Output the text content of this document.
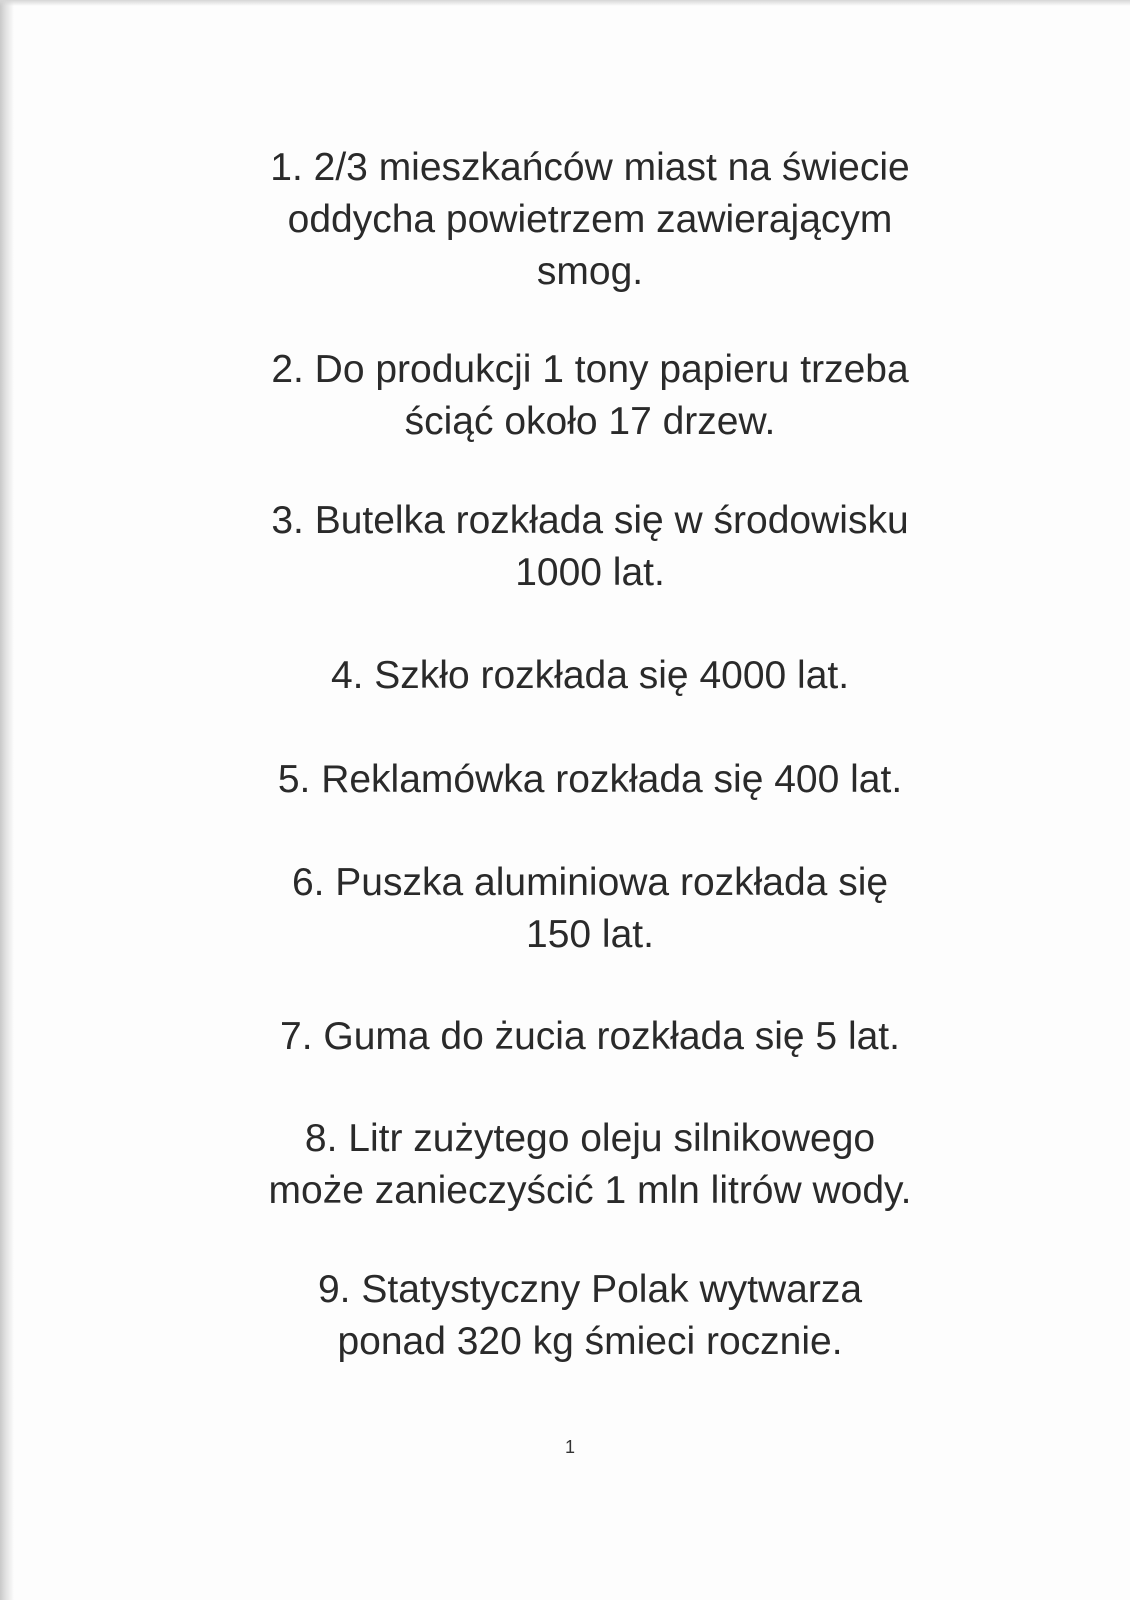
1. 2/3 mieszkańców miast na świecie
oddycha powietrzem zawierającym
smog.

2. Do produkcji 1 tony papieru trzeba
ściąć około 17 drzew.

3. Butelka rozkłada się w środowisku
1000 lat.

4. Szkło rozkłada się 4000 lat.

5. Reklamówka rozkłada się 400 lat.

6. Puszka aluminiowa rozkłada się
150 lat.

7. Guma do żucia rozkłada się 5 lat.

8. Litr zużytego oleju silnikowego
może zanieczyścić 1 mln litrów wody.

9. Statystyczny Polak wytwarza
ponad 320 kg śmieci rocznie.

1
